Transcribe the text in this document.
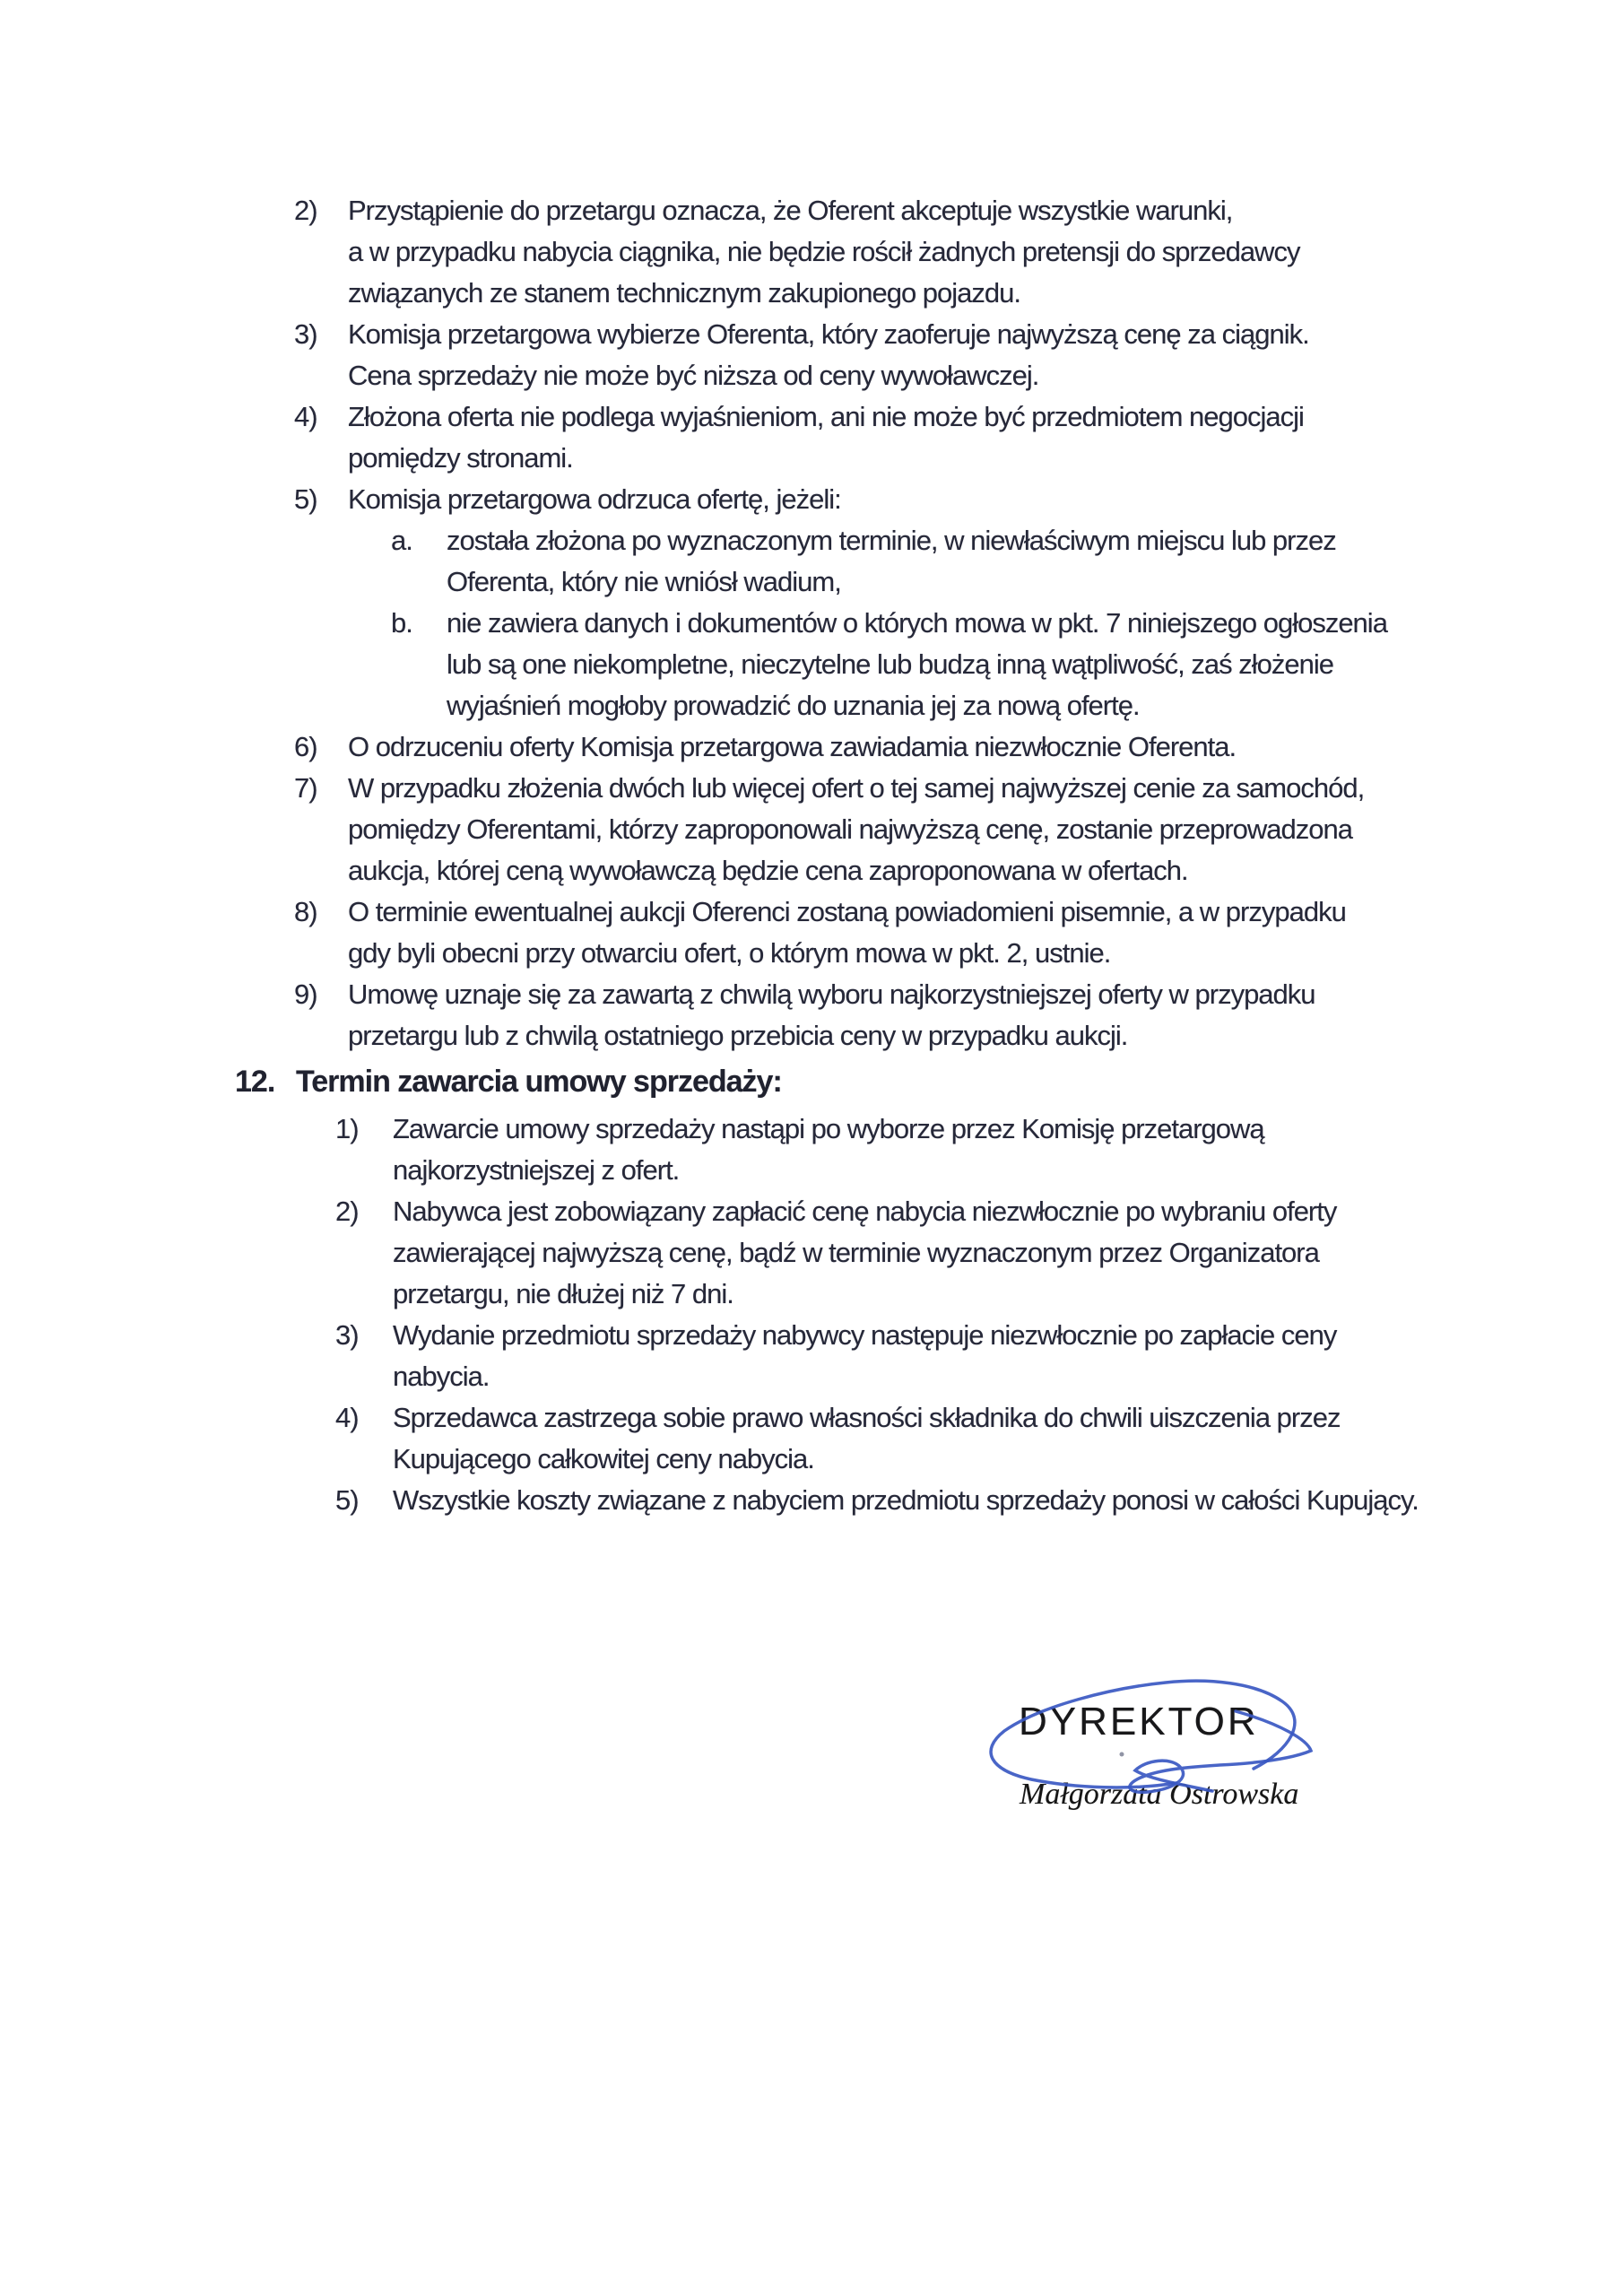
2) Przystąpienie do przetargu oznacza, że Oferent akceptuje wszystkie warunki,
a w przypadku nabycia ciągnika, nie będzie rościł żadnych pretensji do sprzedawcy
związanych ze stanem technicznym zakupionego pojazdu.
3) Komisja przetargowa wybierze Oferenta, który zaoferuje najwyższą cenę za ciągnik.
Cena sprzedaży nie może być niższa od ceny wywoławczej.
4) Złożona oferta nie podlega wyjaśnieniom, ani nie może być przedmiotem negocjacji
pomiędzy stronami.
5) Komisja przetargowa odrzuca ofertę, jeżeli:
a. została złożona po wyznaczonym terminie, w niewłaściwym miejscu lub przez
Oferenta, który nie wniósł wadium,
b. nie zawiera danych i dokumentów o których mowa w pkt. 7 niniejszego ogłoszenia
lub są one niekompletne, nieczytelne lub budzą inną wątpliwość, zaś złożenie
wyjaśnień mogłoby prowadzić do uznania jej za nową ofertę.
6) O odrzuceniu oferty Komisja przetargowa zawiadamia niezwłocznie Oferenta.
7) W przypadku złożenia dwóch lub więcej ofert o tej samej najwyższej cenie za samochód,
pomiędzy Oferentami, którzy zaproponowali najwyższą cenę, zostanie przeprowadzona
aukcja, której ceną wywoławczą będzie cena zaproponowana w ofertach.
8) O terminie ewentualnej aukcji Oferenci zostaną powiadomieni pisemnie, a w przypadku
gdy byli obecni przy otwarciu ofert, o którym mowa w pkt. 2, ustnie.
9) Umowę uznaje się za zawartą z chwilą wyboru najkorzystniejszej oferty w przypadku
przetargu lub z chwilą ostatniego przebicia ceny w przypadku aukcji.
12. Termin zawarcia umowy sprzedaży:
1) Zawarcie umowy sprzedaży nastąpi po wyborze przez Komisję przetargową
najkorzystniejszej z ofert.
2) Nabywca jest zobowiązany zapłacić cenę nabycia niezwłocznie po wybraniu oferty
zawierającej najwyższą cenę, bądź w terminie wyznaczonym przez Organizatora
przetargu, nie dłużej niż 7 dni.
3) Wydanie przedmiotu sprzedaży nabywcy następuje niezwłocznie po zapłacie ceny
nabycia.
4) Sprzedawca zastrzega sobie prawo własności składnika do chwili uiszczenia przez
Kupującego całkowitej ceny nabycia.
5) Wszystkie koszty związane z nabyciem przedmiotu sprzedaży ponosi w całości Kupujący.
DYREKTOR
Małgorzata Ostrowska
